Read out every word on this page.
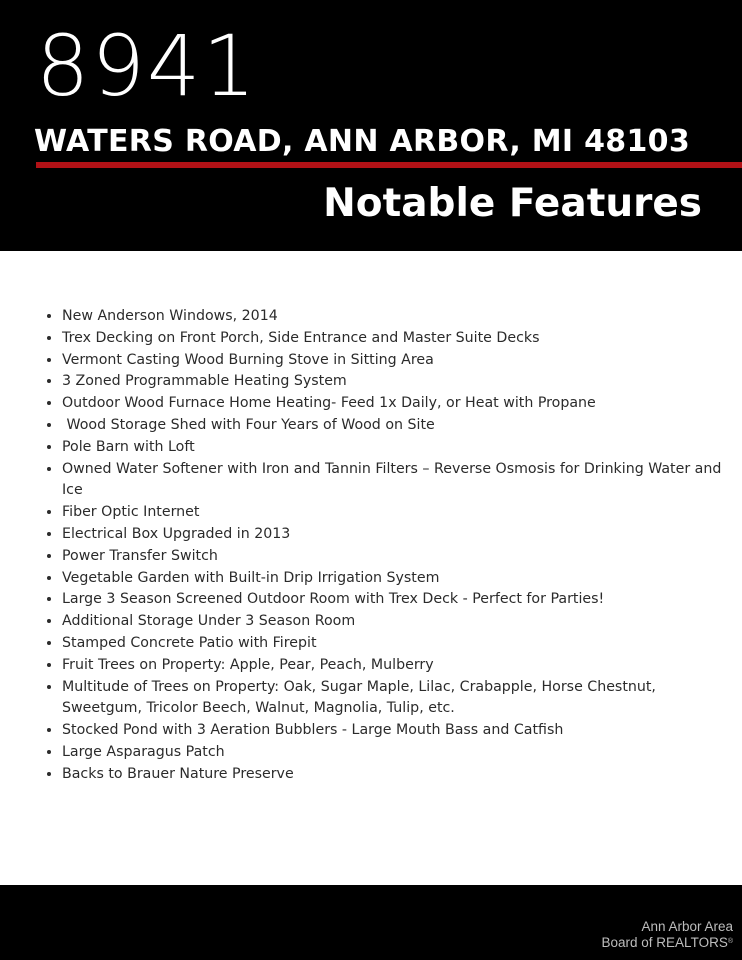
8941
WATERS ROAD, ANN ARBOR, MI 48103
Notable Features
• New Anderson Windows, 2014
• Trex Decking on Front Porch, Side Entrance and Master Suite Decks
• Vermont Casting Wood Burning Stove in Sitting Area
• 3 Zoned Programmable Heating System
• Outdoor Wood Furnace Home Heating- Feed 1x Daily, or Heat with Propane
•  Wood Storage Shed with Four Years of Wood on Site
• Pole Barn with Loft
• Owned Water Softener with Iron and Tannin Filters – Reverse Osmosis for Drinking Water and Ice
• Fiber Optic Internet
• Electrical Box Upgraded in 2013
• Power Transfer Switch
• Vegetable Garden with Built-in Drip Irrigation System
• Large 3 Season Screened Outdoor Room with Trex Deck - Perfect for Parties!
• Additional Storage Under 3 Season Room
• Stamped Concrete Patio with Firepit
• Fruit Trees on Property: Apple, Pear, Peach, Mulberry
• Multitude of Trees on Property: Oak, Sugar Maple, Lilac, Crabapple, Horse Chestnut, Sweetgum, Tricolor Beech, Walnut, Magnolia, Tulip, etc.
• Stocked Pond with 3 Aeration Bubblers - Large Mouth Bass and Catfish
• Large Asparagus Patch
• Backs to Brauer Nature Preserve
Ann Arbor Area
Board of REALTORS®
